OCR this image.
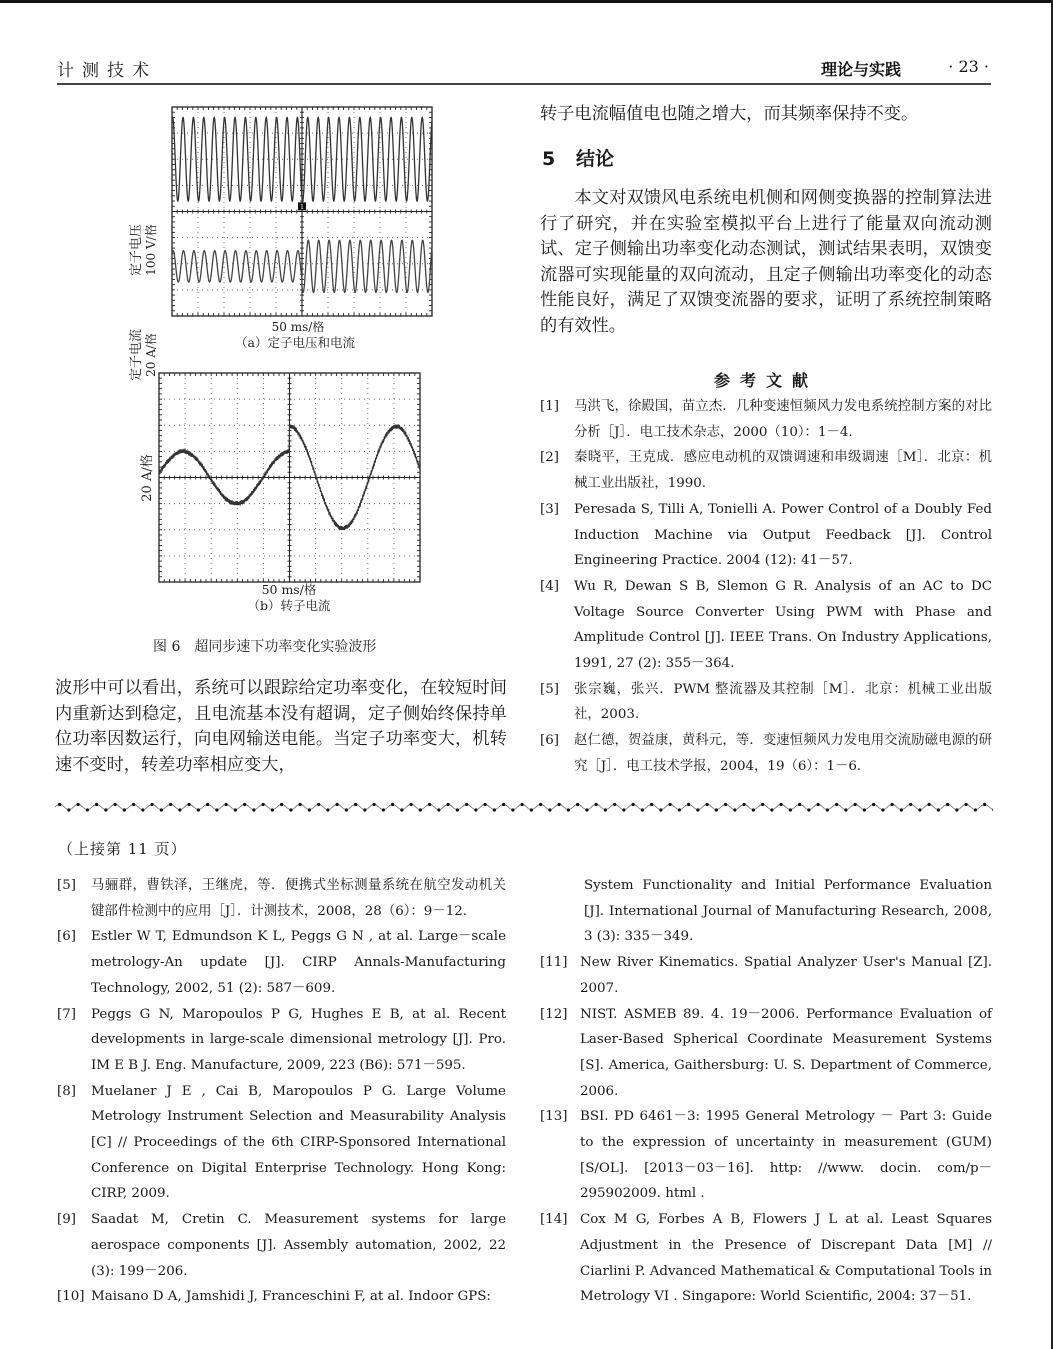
计测技术	理论与实践	· 23 ·
1
定子电压 100 V/格
定子电流 20 A/格
50 ms/格
（a）定子电压和电流
20 A/格
50 ms/格
（b）转子电流
图 6　超同步速下功率变化实验波形
波形中可以看出，系统可以跟踪给定功率变化，在较短时间内重新达到稳定，且电流基本没有超调，定子侧始终保持单位功率因数运行，向电网输送电能。当定子功率变大，机转速不变时，转差功率相应变大，
转子电流幅值电也随之增大，而其频率保持不变。
5 结论
本文对双馈风电系统电机侧和网侧变换器的控制算法进行了研究，并在实验室模拟平台上进行了能量双向流动测试、定子侧输出功率变化动态测试，测试结果表明，双馈变流器可实现能量的双向流动，且定子侧输出功率变化的动态性能良好，满足了双馈变流器的要求，证明了系统控制策略的有效性。
参考文献
[1] 马洪飞，徐殿国，苗立杰．几种变速恒频风力发电系统控制方案的对比分析［J］．电工技术杂志，2000（10）：1－4.
[2] 秦晓平，王克成．感应电动机的双馈调速和串级调速［M］．北京：机械工业出版社，1990.
[3] Peresada S, Tilli A, Tonielli A. Power Control of a Doubly Fed Induction Machine via Output Feedback [J]. Control Engineering Practice. 2004 (12): 41－57.
[4] Wu R, Dewan S B, Slemon G R. Analysis of an AC to DC Voltage Source Converter Using PWM with Phase and Amplitude Control [J]. IEEE Trans. On Industry Applications, 1991, 27 (2): 355－364.
[5] 张宗巍，张兴．PWM 整流器及其控制［M］．北京：机械工业出版社，2003.
[6] 赵仁德，贺益康，黄科元，等．变速恒频风力发电用交流励磁电源的研究［J］．电工技术学报，2004，19（6）：1－6.
（上接第 11 页）
[5] 马骊群，曹铁泽，王继虎，等．便携式坐标测量系统在航空发动机关键部件检测中的应用［J］．计测技术，2008，28（6）：9－12.
[6] Estler W T, Edmundson K L, Peggs G N , at al. Large－scale metrology-An update [J]. CIRP Annals-Manufacturing Technology, 2002, 51 (2): 587－609.
[7] Peggs G N, Maropoulos P G, Hughes E B, at al. Recent developments in large-scale dimensional metrology [J]. Pro. IM E B J. Eng. Manufacture, 2009, 223 (B6): 571－595.
[8] Muelaner J E , Cai B, Maropoulos P G. Large Volume Metrology Instrument Selection and Measurability Analysis [C] // Proceedings of the 6th CIRP-Sponsored International Conference on Digital Enterprise Technology. Hong Kong: CIRP, 2009.
[9] Saadat M, Cretin C. Measurement systems for large aerospace components [J]. Assembly automation, 2002, 22 (3): 199－206.
[10] Maisano D A, Jamshidi J, Franceschini F, at al. Indoor GPS:
System Functionality and Initial Performance Evaluation [J]. International Journal of Manufacturing Research, 2008, 3 (3): 335－349.
[11] New River Kinematics. Spatial Analyzer User's Manual [Z]. 2007.
[12] NIST. ASMEB 89. 4. 19－2006. Performance Evaluation of Laser-Based Spherical Coordinate Measurement Systems [S]. America, Gaithersburg: U. S. Department of Commerce, 2006.
[13] BSI. PD 6461－3: 1995 General Metrology － Part 3: Guide to the expression of uncertainty in measurement (GUM) [S/OL]. [2013－03－16]. http: //www. docin. com/p－295902009. html .
[14] Cox M G, Forbes A B, Flowers J L at al. Least Squares Adjustment in the Presence of Discrepant Data [M] // Ciarlini P. Advanced Mathematical & Computational Tools in Metrology VI . Singapore: World Scientific, 2004: 37－51.
